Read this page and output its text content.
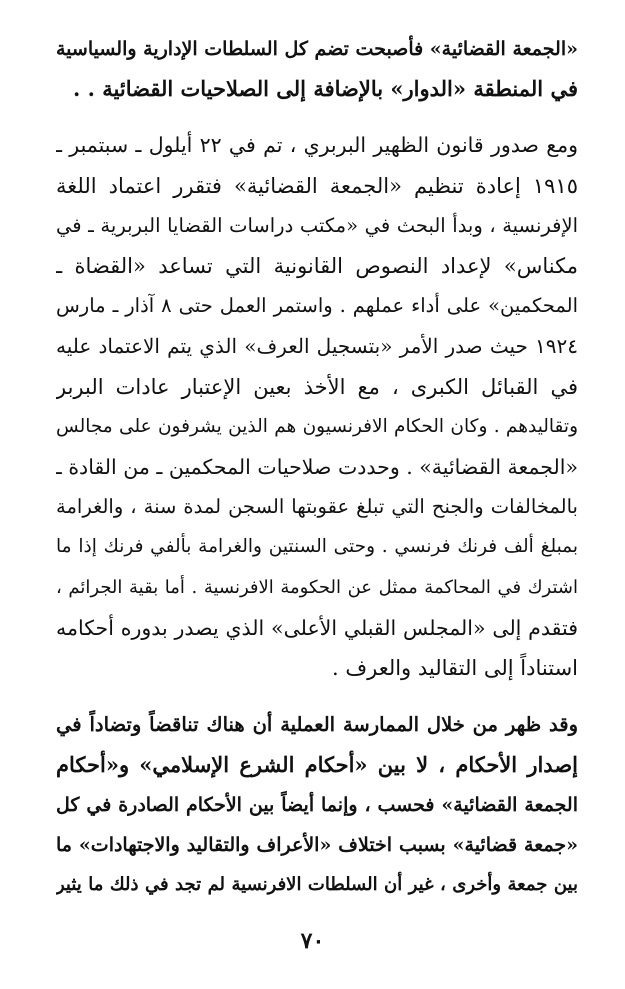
«الجمعة القضائية» فأصبحت تضم كل السلطات الإدارية والسياسية
في المنطقة «الدوار» بالإضافة إلى الصلاحيات القضائية . .
ومع صدور قانون الظهير البربري ، تم في ٢٢ أيلول ـ سبتمبر ـ
١٩١٥ إعادة تنظيم «الجمعة القضائية» فتقرر اعتماد اللغة
الإفرنسية ، وبدأ البحث في «مكتب دراسات القضايا البربرية ـ في
مكناس» لإعداد النصوص القانونية التي تساعد «القضاة ـ
المحكمين» على أداء عملهم . واستمر العمل حتى ٨ آذار ـ مارس
١٩٢٤ حيث صدر الأمر «بتسجيل العرف» الذي يتم الاعتماد عليه
في القبائل الكبرى ، مع الأخذ بعين الإعتبار عادات البربر
وتقاليدهم . وكان الحكام الافرنسيون هم الذين يشرفون على مجالس
«الجمعة القضائية» . وحددت صلاحيات المحكمين ـ من القادة ـ
بالمخالفات والجنح التي تبلغ عقوبتها السجن لمدة سنة ، والغرامة
بمبلغ ألف فرنك فرنسي . وحتى السنتين والغرامة بألفي فرنك إذا ما
اشترك في المحاكمة ممثل عن الحكومة الافرنسية . أما بقية الجرائم ،
فتقدم إلى «المجلس القبلي الأعلى» الذي يصدر بدوره أحكامه
استناداً إلى التقاليد والعرف .
وقد ظهر من خلال الممارسة العملية أن هناك تناقضاً وتضاداً في
إصدار الأحكام ، لا بين «أحكام الشرع الإسلامي» و«أحكام
الجمعة القضائية» فحسب ، وإنما أيضاً بين الأحكام الصادرة في كل
«جمعة قضائية» بسبب اختلاف «الأعراف والتقاليد والاجتهادات» ما
بين جمعة وأخرى ، غير أن السلطات الافرنسية لم تجد في ذلك ما يثير
٧٠
